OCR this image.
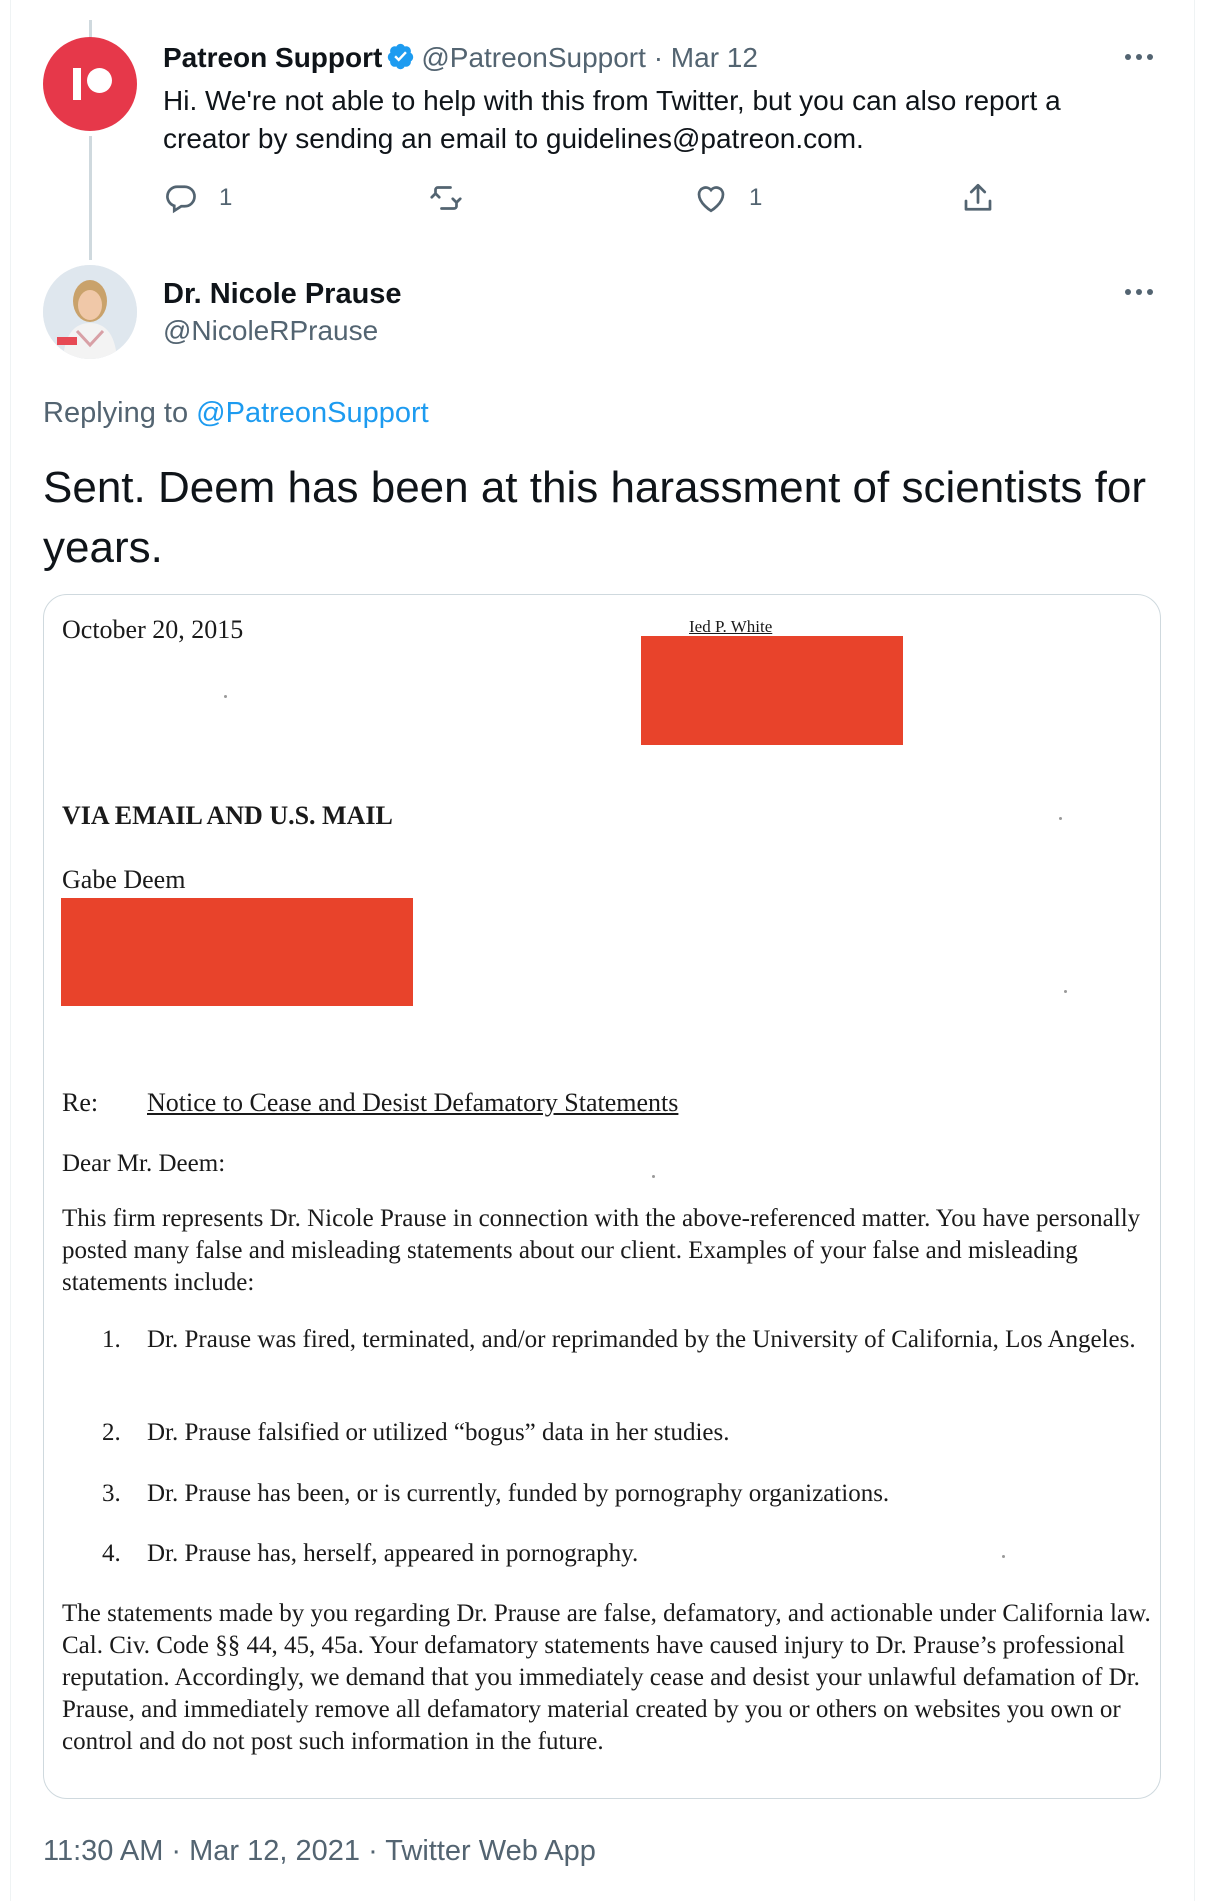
Patreon Support @PatreonSupport · Mar 12
Hi. We're not able to help with this from Twitter, but you can also report a creator by sending an email to guidelines@patreon.com.
1	1
Dr. Nicole Prause
@NicoleRPrause
Replying to @PatreonSupport
Sent. Deem has been at this harassment of scientists for years.
October 20, 2015	Ied P. White
VIA EMAIL AND U.S. MAIL
Gabe Deem
Re: Notice to Cease and Desist Defamatory Statements
Dear Mr. Deem:
This firm represents Dr. Nicole Prause in connection with the above-referenced matter. You have personally posted many false and misleading statements about our client. Examples of your false and misleading statements include:
1.	Dr. Prause was fired, terminated, and/or reprimanded by the University of California, Los Angeles.
2.	Dr. Prause falsified or utilized “bogus” data in her studies.
3.	Dr. Prause has been, or is currently, funded by pornography organizations.
4.	Dr. Prause has, herself, appeared in pornography.
The statements made by you regarding Dr. Prause are false, defamatory, and actionable under California law. Cal. Civ. Code §§ 44, 45, 45a. Your defamatory statements have caused injury to Dr. Prause’s professional reputation. Accordingly, we demand that you immediately cease and desist your unlawful defamation of Dr. Prause, and immediately remove all defamatory material created by you or others on websites you own or control and do not post such information in the future.
11:30 AM · Mar 12, 2021 · Twitter Web App
